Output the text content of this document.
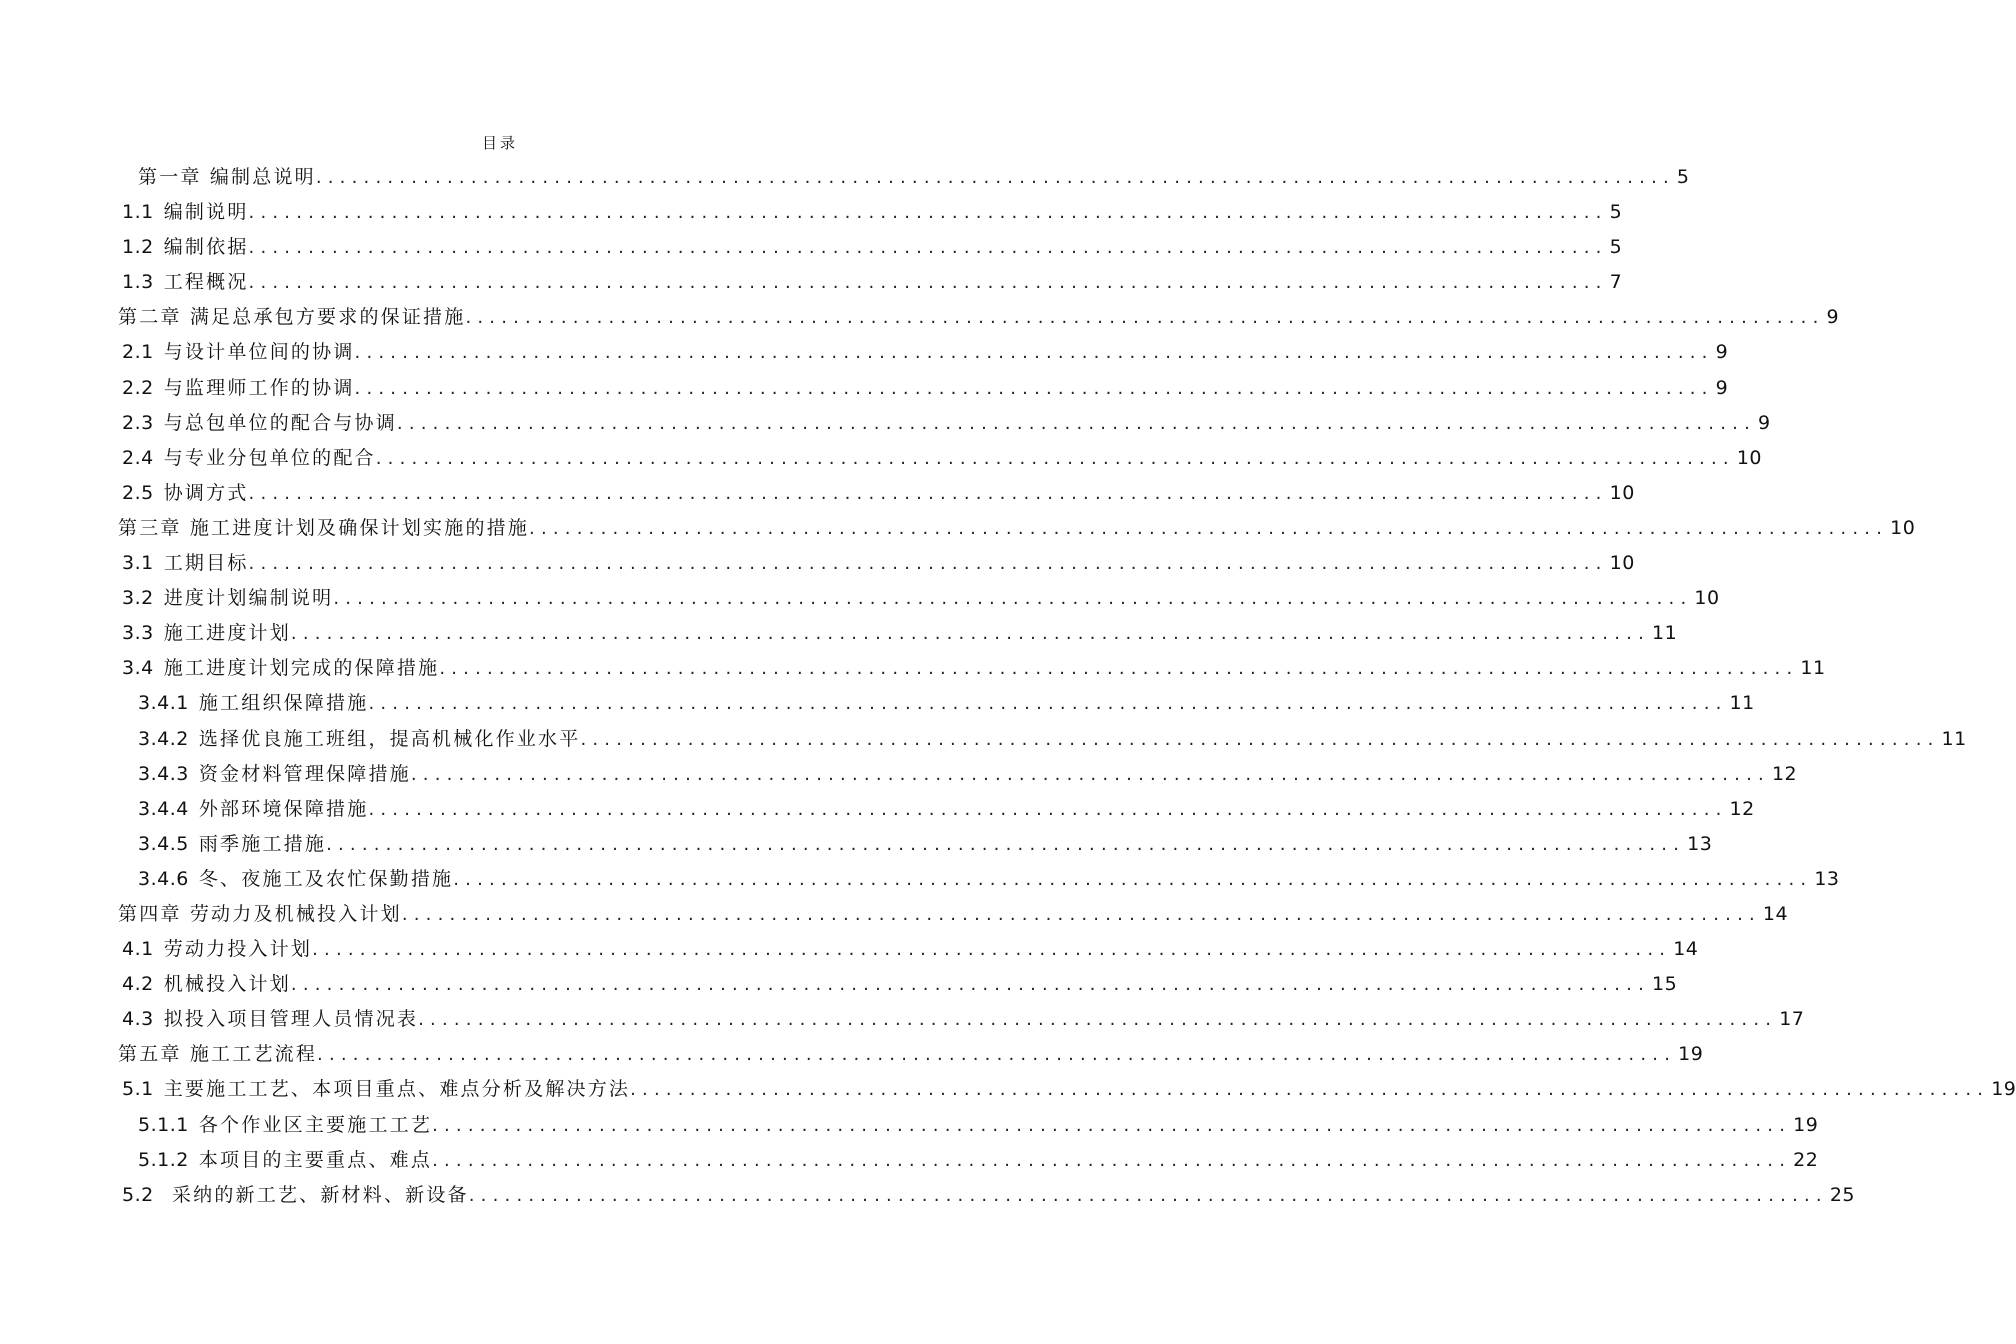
目录
第一章 编制总说明 .................................................................................................................. 5
1.1 编制说明 .................................................................................................................. 5
1.2 编制依据 .................................................................................................................. 5
1.3 工程概况 .................................................................................................................. 7
第二章 满足总承包方要求的保证措施 .................................................................................................................. 9
2.1 与设计单位间的协调 .................................................................................................................. 9
2.2 与监理师工作的协调 .................................................................................................................. 9
2.3 与总包单位的配合与协调 .................................................................................................................. 9
2.4 与专业分包单位的配合 .................................................................................................................. 10
2.5 协调方式 .................................................................................................................. 10
第三章 施工进度计划及确保计划实施的措施 .................................................................................................................. 10
3.1 工期目标 .................................................................................................................. 10
3.2 进度计划编制说明 .................................................................................................................. 10
3.3 施工进度计划 .................................................................................................................. 11
3.4 施工进度计划完成的保障措施 .................................................................................................................. 11
3.4.1 施工组织保障措施 .................................................................................................................. 11
3.4.2 选择优良施工班组，提高机械化作业水平 .................................................................................................................. 11
3.4.3 资金材料管理保障措施 .................................................................................................................. 12
3.4.4 外部环境保障措施 .................................................................................................................. 12
3.4.5 雨季施工措施 .................................................................................................................. 13
3.4.6 冬、夜施工及农忙保勤措施 .................................................................................................................. 13
第四章 劳动力及机械投入计划 .................................................................................................................. 14
4.1 劳动力投入计划 .................................................................................................................. 14
4.2 机械投入计划 .................................................................................................................. 15
4.3 拟投入项目管理人员情况表 .................................................................................................................. 17
第五章 施工工艺流程 .................................................................................................................. 19
5.1 主要施工工艺、本项目重点、难点分析及解决方法 .................................................................................................................. 19
5.1.1 各个作业区主要施工工艺 .................................................................................................................. 19
5.1.2 本项目的主要重点、难点 .................................................................................................................. 22
5.2 采纳的新工艺、新材料、新设备 .................................................................................................................. 25
